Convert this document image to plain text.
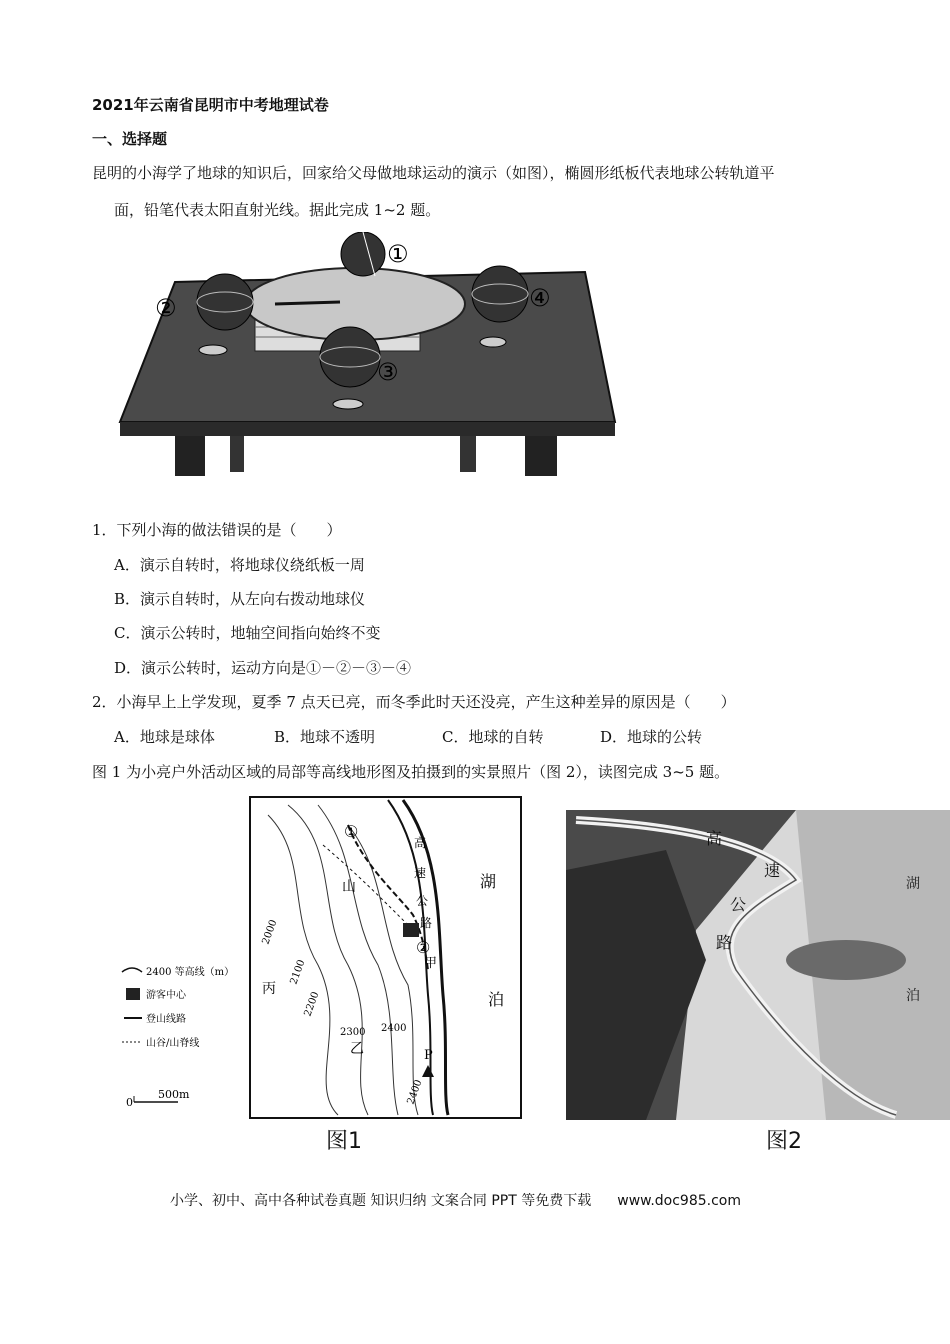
2021年云南省昆明市中考地理试卷
一、选择题
昆明的小海学了地球的知识后，回家给父母做地球运动的演示（如图），椭圆形纸板代表地球公转轨道平
面，铅笔代表太阳直射光线。据此完成 1~2 题。
①
②
③
④
1．下列小海的做法错误的是（　　）
A．演示自转时，将地球仪绕纸板一周
B．演示自转时，从左向右拨动地球仪
C．演示公转时，地轴空间指向始终不变
D．演示公转时，运动方向是①－②－③－④
2．小海早上上学发现，夏季 7 点天已亮，而冬季此时天还没亮，产生这种差异的原因是（　　）
A．地球是球体	B．地球不透明	C．地球的自转	D．地球的公转
图 1 为小亮户外活动区域的局部等高线地形图及拍摄到的实景照片（图 2），读图完成 3~5 题。
2400 等高线（m）
游客中心
登山线路
山谷/山脊线
0
500m
2000
2100
2200
2300 2400
2400
丙
乙
甲
山
P
湖
泊
高
速
公
路
①
②
图1
高
速
公
路
湖
泊
图2
小学、初中、高中各种试卷真题 知识归纳 文案合同 PPT 等免费下载 www.doc985.com
